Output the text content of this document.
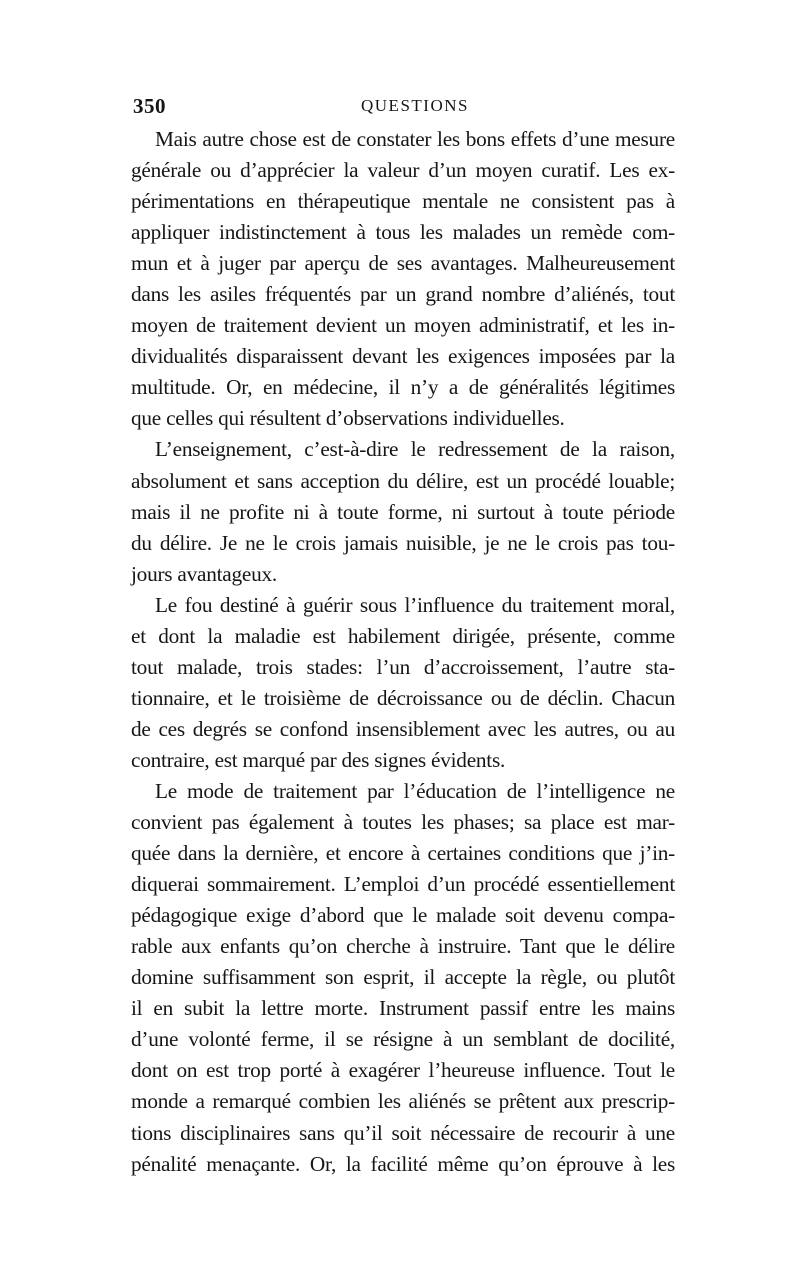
350	QUESTIONS
Mais autre chose est de constater les bons effets d’une mesure
générale ou d’apprécier la valeur d’un moyen curatif. Les ex-
périmentations en thérapeutique mentale ne consistent pas à
appliquer indistinctement à tous les malades un remède com-
mun et à juger par aperçu de ses avantages. Malheureusement
dans les asiles fréquentés par un grand nombre d’aliénés, tout
moyen de traitement devient un moyen administratif, et les in-
dividualités disparaissent devant les exigences imposées par la
multitude. Or, en médecine, il n’y a de généralités légitimes
que celles qui résultent d’observations individuelles.
L’enseignement, c’est-à-dire le redressement de la raison,
absolument et sans acception du délire, est un procédé louable;
mais il ne profite ni à toute forme, ni surtout à toute période
du délire. Je ne le crois jamais nuisible, je ne le crois pas tou-
jours avantageux.
Le fou destiné à guérir sous l’influence du traitement moral,
et dont la maladie est habilement dirigée, présente, comme
tout malade, trois stades: l’un d’accroissement, l’autre sta-
tionnaire, et le troisième de décroissance ou de déclin. Chacun
de ces degrés se confond insensiblement avec les autres, ou au
contraire, est marqué par des signes évidents.
Le mode de traitement par l’éducation de l’intelligence ne
convient pas également à toutes les phases; sa place est mar-
quée dans la dernière, et encore à certaines conditions que j’in-
diquerai sommairement. L’emploi d’un procédé essentiellement
pédagogique exige d’abord que le malade soit devenu compa-
rable aux enfants qu’on cherche à instruire. Tant que le délire
domine suffisamment son esprit, il accepte la règle, ou plutôt
il en subit la lettre morte. Instrument passif entre les mains
d’une volonté ferme, il se résigne à un semblant de docilité,
dont on est trop porté à exagérer l’heureuse influence. Tout le
monde a remarqué combien les aliénés se prêtent aux prescrip-
tions disciplinaires sans qu’il soit nécessaire de recourir à une
pénalité menaçante. Or, la facilité même qu’on éprouve à les
